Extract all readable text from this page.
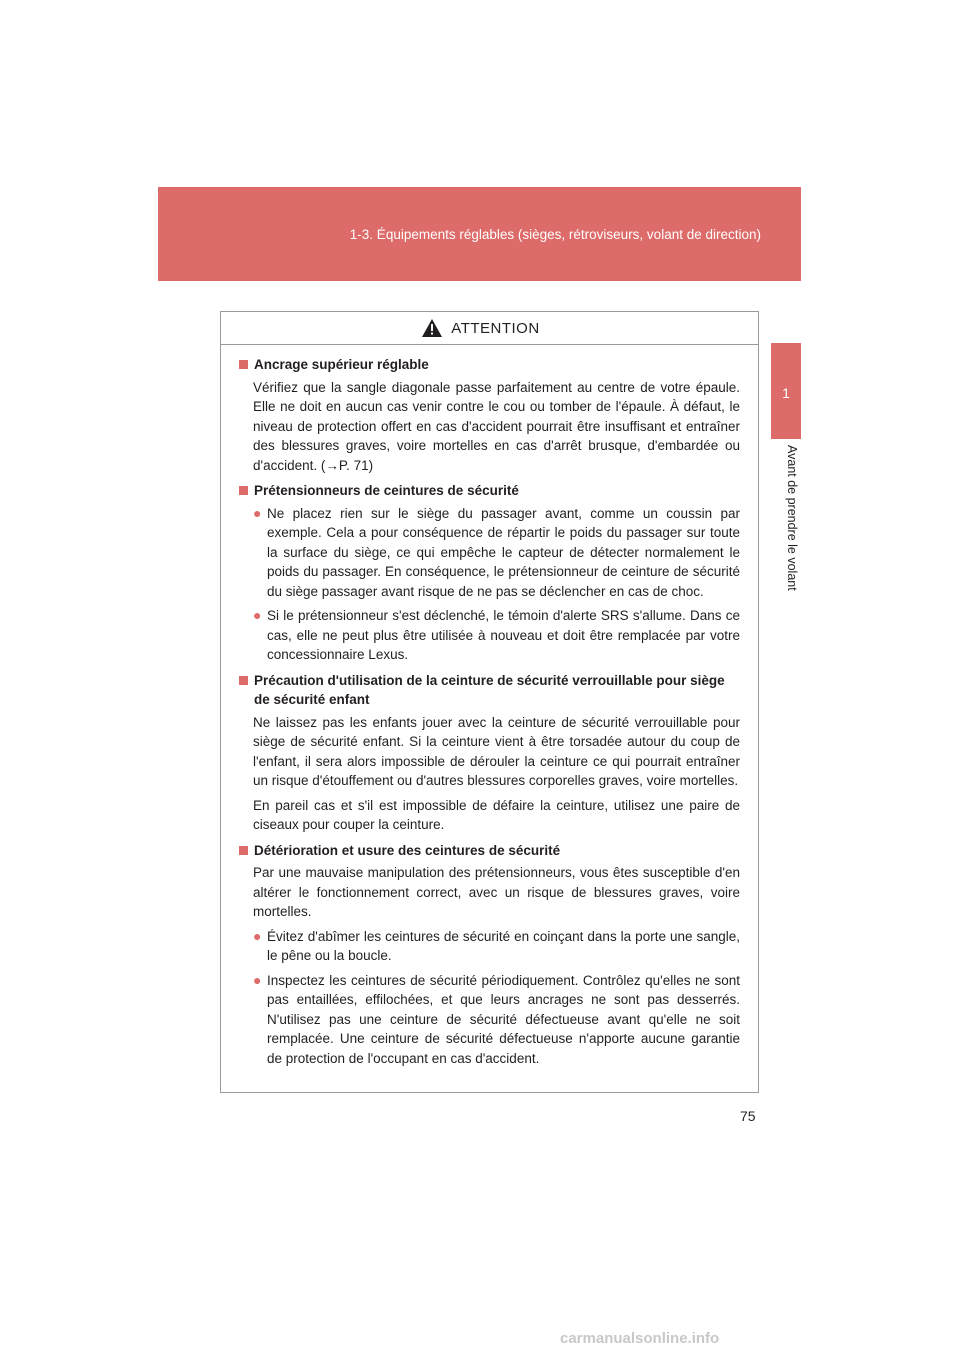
1-3. Équipements réglables (sièges, rétroviseurs, volant de direction)
1
Avant de prendre le volant
ATTENTION
Ancrage supérieur réglable
Vérifiez que la sangle diagonale passe parfaitement au centre de votre épaule. Elle ne doit en aucun cas venir contre le cou ou tomber de l'épaule. À défaut, le niveau de protection offert en cas d'accident pourrait être insuffisant et entraîner des blessures graves, voire mortelles en cas d'arrêt brusque, d'embardée ou d'accident. (→P. 71)
Prétensionneurs de ceintures de sécurité
● Ne placez rien sur le siège du passager avant, comme un coussin par exemple. Cela a pour conséquence de répartir le poids du passager sur toute la surface du siège, ce qui empêche le capteur de détecter normalement le poids du passager. En conséquence, le prétensionneur de ceinture de sécurité du siège passager avant risque de ne pas se déclencher en cas de choc.
● Si le prétensionneur s'est déclenché, le témoin d'alerte SRS s'allume. Dans ce cas, elle ne peut plus être utilisée à nouveau et doit être remplacée par votre concessionnaire Lexus.
Précaution d'utilisation de la ceinture de sécurité verrouillable pour siège de sécurité enfant
Ne laissez pas les enfants jouer avec la ceinture de sécurité verrouillable pour siège de sécurité enfant. Si la ceinture vient à être torsadée autour du coup de l'enfant, il sera alors impossible de dérouler la ceinture ce qui pourrait entraîner un risque d'étouffement ou d'autres blessures corporelles graves, voire mortelles.
En pareil cas et s'il est impossible de défaire la ceinture, utilisez une paire de ciseaux pour couper la ceinture.
Détérioration et usure des ceintures de sécurité
Par une mauvaise manipulation des prétensionneurs, vous êtes susceptible d'en altérer le fonctionnement correct, avec un risque de blessures graves, voire mortelles.
● Évitez d'abîmer les ceintures de sécurité en coinçant dans la porte une sangle, le pêne ou la boucle.
● Inspectez les ceintures de sécurité périodiquement. Contrôlez qu'elles ne sont pas entaillées, effilochées, et que leurs ancrages ne sont pas desserrés. N'utilisez pas une ceinture de sécurité défectueuse avant qu'elle ne soit remplacée. Une ceinture de sécurité défectueuse n'apporte aucune garantie de protection de l'occupant en cas d'accident.
75
carmanualsonline.info
